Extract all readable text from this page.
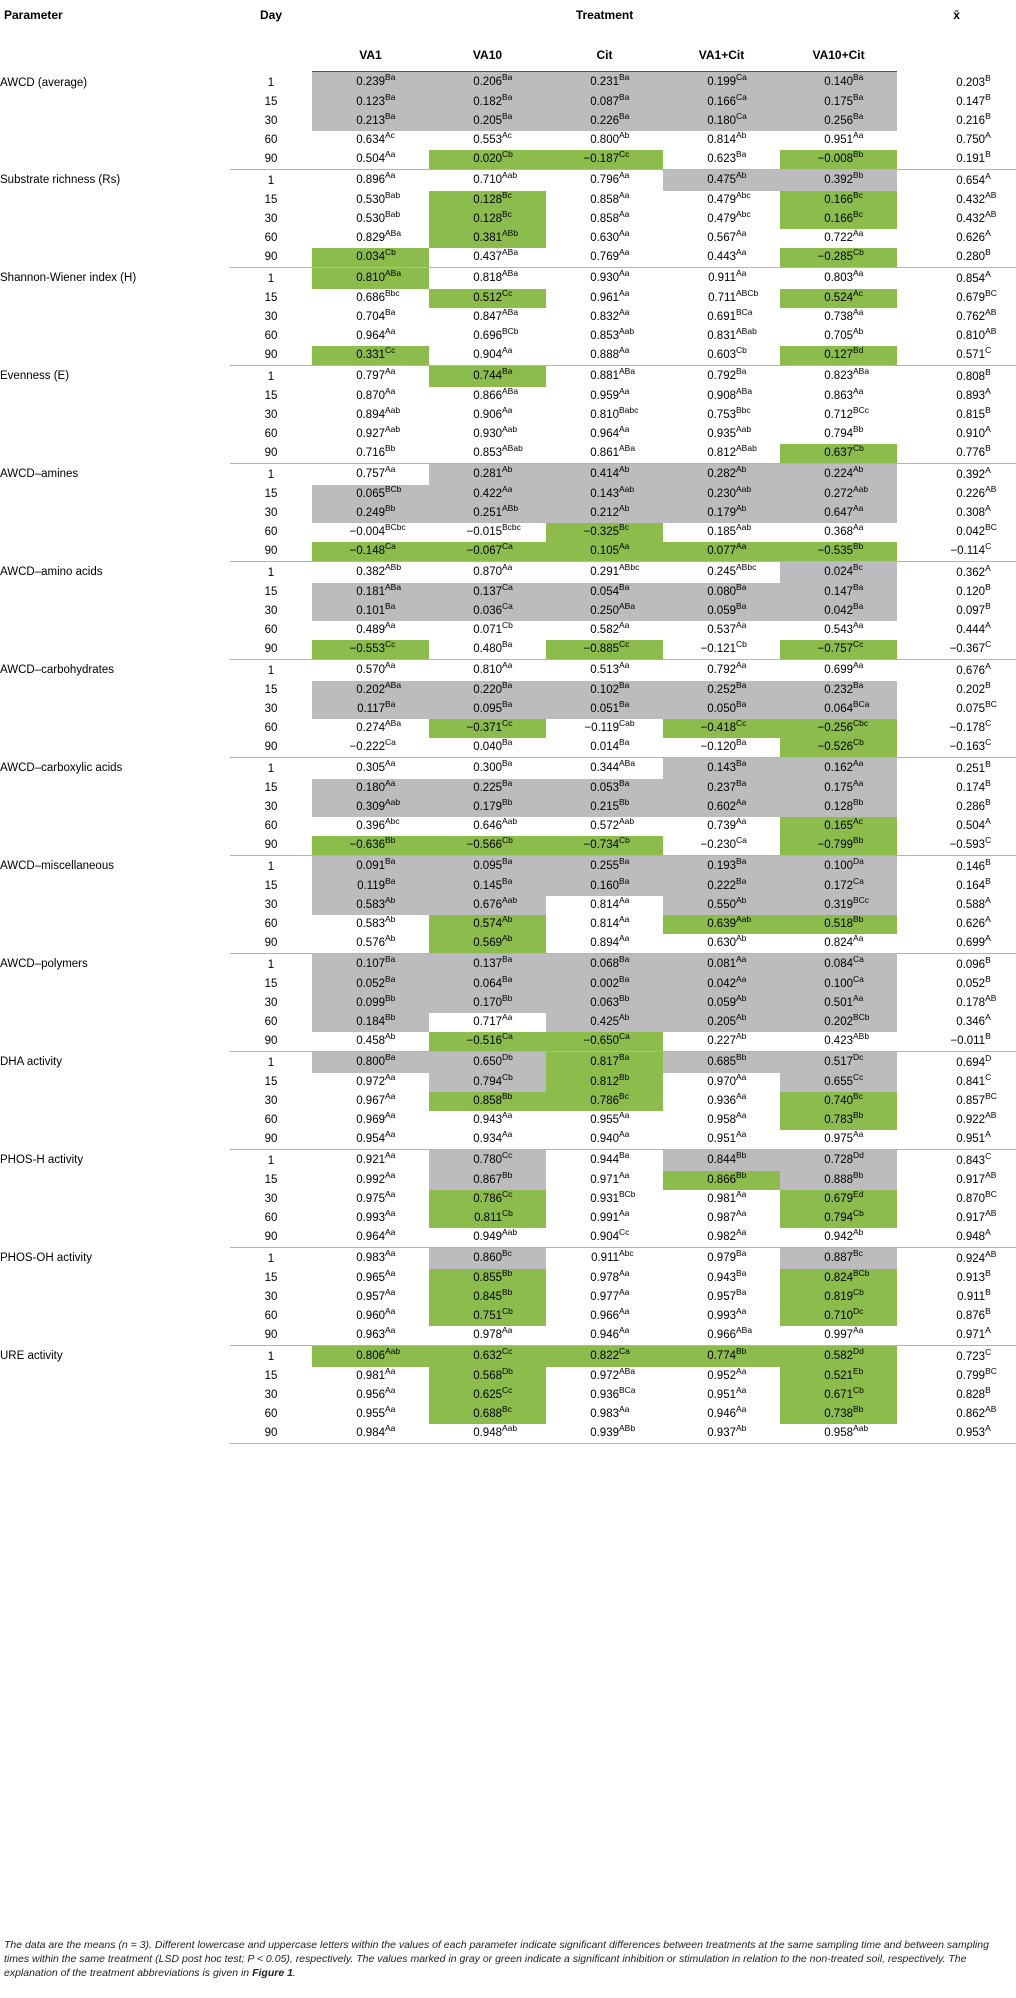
Parameter	Day	Treatment					x̄
		VA1	VA10	Cit	VA1+Cit	VA10+Cit	
AWCD (average)	1	$0.239^{Ba}$	$0.206^{Ba}$	$0.231^{Ba}$	$0.199^{Ca}$	$0.140^{Ba}$	$0.203^B$
	15	$0.123^{Ba}$	$0.182^{Ba}$	$0.087^{Ba}$	$0.166^{Ca}$	$0.175^{Ba}$	$0.147^B$
	30	$0.213^{Ba}$	$0.205^{Ba}$	$0.226^{Ba}$	$0.180^{Ca}$	$0.256^{Ba}$	$0.216^B$
	60	$0.634^{Ac}$	$0.553^{Ac}$	$0.800^{Ab}$	$0.814^{Ab}$	$0.951^{Aa}$	$0.750^A$
	90	$0.504^{Aa}$	$0.020^{Cb}$	$-0.187^{Cc}$	$0.623^{Ba}$	$-0.008^{Bb}$	$0.191^B$
Substrate richness (Rs)	1	$0.896^{Aa}$	$0.710^{Aab}$	$0.796^{Aa}$	$0.475^{Ab}$	$0.392^{Bb}$	$0.654^A$
	15	$0.530^{Bab}$	$0.128^{Bc}$	$0.858^{Aa}$	$0.479^{Abc}$	$0.166^{Bc}$	$0.432^{AB}$
	30	$0.530^{Bab}$	$0.128^{Bc}$	$0.858^{Aa}$	$0.479^{Abc}$	$0.166^{Bc}$	$0.432^{AB}$
	60	$0.829^{ABa}$	$0.381^{ABb}$	$0.630^{Aa}$	$0.567^{Aa}$	$0.722^{Aa}$	$0.626^A$
	90	$0.034^{Cb}$	$0.437^{ABa}$	$0.769^{Aa}$	$0.443^{Aa}$	$-0.285^{Cb}$	$0.280^B$
Shannon-Wiener index (H)	1	$0.810^{ABa}$	$0.818^{ABa}$	$0.930^{Aa}$	$0.911^{Aa}$	$0.803^{Aa}$	$0.854^A$
	15	$0.686^{Bbc}$	$0.512^{Cc}$	$0.961^{Aa}$	$0.711^{ABCb}$	$0.524^{Ac}$	$0.679^{BC}$
	30	$0.704^{Ba}$	$0.847^{ABa}$	$0.832^{Aa}$	$0.691^{BCa}$	$0.738^{Aa}$	$0.762^{AB}$
	60	$0.964^{Aa}$	$0.696^{BCb}$	$0.853^{Aab}$	$0.831^{ABab}$	$0.705^{Ab}$	$0.810^{AB}$
	90	$0.331^{Cc}$	$0.904^{Aa}$	$0.888^{Aa}$	$0.603^{Cb}$	$0.127^{Bd}$	$0.571^C$
Evenness (E)	1	$0.797^{Aa}$	$0.744^{Ba}$	$0.881^{ABa}$	$0.792^{Ba}$	$0.823^{ABa}$	$0.808^B$
	15	$0.870^{Aa}$	$0.866^{ABa}$	$0.959^{Aa}$	$0.908^{ABa}$	$0.863^{Aa}$	$0.893^A$
	30	$0.894^{Aab}$	$0.906^{Aa}$	$0.810^{Babc}$	$0.753^{Bbc}$	$0.712^{BCc}$	$0.815^B$
	60	$0.927^{Aab}$	$0.930^{Aab}$	$0.964^{Aa}$	$0.935^{Aab}$	$0.794^{Bb}$	$0.910^A$
	90	$0.716^{Bb}$	$0.853^{ABab}$	$0.861^{ABa}$	$0.812^{ABab}$	$0.637^{Cb}$	$0.776^B$
AWCD–amines	1	$0.757^{Aa}$	$0.281^{Ab}$	$0.414^{Ab}$	$0.282^{Ab}$	$0.224^{Ab}$	$0.392^A$
	15	$0.065^{BCb}$	$0.422^{Aa}$	$0.143^{Aab}$	$0.230^{Aab}$	$0.272^{Aab}$	$0.226^{AB}$
	30	$0.249^{Bb}$	$0.251^{ABb}$	$0.212^{Ab}$	$0.179^{Ab}$	$0.647^{Aa}$	$0.308^A$
	60	$-0.004^{BCbc}$	$-0.015^{Bcbc}$	$-0.325^{Bc}$	$0.185^{Aab}$	$0.368^{Aa}$	$0.042^{BC}$
	90	$-0.148^{Ca}$	$-0.067^{Ca}$	$0.105^{Aa}$	$0.077^{Aa}$	$-0.535^{Bb}$	$-0.114^C$
AWCD–amino acids	1	$0.382^{ABb}$	$0.870^{Aa}$	$0.291^{ABbc}$	$0.245^{ABbc}$	$0.024^{Bc}$	$0.362^A$
	15	$0.181^{ABa}$	$0.137^{Ca}$	$0.054^{Ba}$	$0.080^{Ba}$	$0.147^{Ba}$	$0.120^B$
	30	$0.101^{Ba}$	$0.036^{Ca}$	$0.250^{ABa}$	$0.059^{Ba}$	$0.042^{Ba}$	$0.097^B$
	60	$0.489^{Aa}$	$0.071^{Cb}$	$0.582^{Aa}$	$0.537^{Aa}$	$0.543^{Aa}$	$0.444^A$
	90	$-0.553^{Cc}$	$0.480^{Ba}$	$-0.885^{Cc}$	$-0.121^{Cb}$	$-0.757^{Cc}$	$-0.367^C$
AWCD–carbohydrates	1	$0.570^{Aa}$	$0.810^{Aa}$	$0.513^{Aa}$	$0.792^{Aa}$	$0.699^{Aa}$	$0.676^A$
	15	$0.202^{ABa}$	$0.220^{Ba}$	$0.102^{Ba}$	$0.252^{Ba}$	$0.232^{Ba}$	$0.202^B$
	30	$0.117^{Ba}$	$0.095^{Ba}$	$0.051^{Ba}$	$0.050^{Ba}$	$0.064^{BCa}$	$0.075^{BC}$
	60	$0.274^{ABa}$	$-0.371^{Cc}$	$-0.119^{Cab}$	$-0.418^{Cc}$	$-0.256^{Cbc}$	$-0.178^C$
	90	$-0.222^{Ca}$	$0.040^{Ba}$	$0.014^{Ba}$	$-0.120^{Ba}$	$-0.526^{Cb}$	$-0.163^C$
AWCD–carboxylic acids	1	$0.305^{Aa}$	$0.300^{Ba}$	$0.344^{ABa}$	$0.143^{Ba}$	$0.162^{Aa}$	$0.251^B$
	15	$0.180^{Aa}$	$0.225^{Ba}$	$0.053^{Ba}$	$0.237^{Ba}$	$0.175^{Aa}$	$0.174^B$
	30	$0.309^{Aab}$	$0.179^{Bb}$	$0.215^{Bb}$	$0.602^{Aa}$	$0.128^{Bb}$	$0.286^B$
	60	$0.396^{Abc}$	$0.646^{Aab}$	$0.572^{Aab}$	$0.739^{Aa}$	$0.165^{Ac}$	$0.504^A$
	90	$-0.636^{Bb}$	$-0.566^{Cb}$	$-0.734^{Cb}$	$-0.230^{Ca}$	$-0.799^{Bb}$	$-0.593^C$
AWCD–miscellaneous	1	$0.091^{Ba}$	$0.095^{Ba}$	$0.255^{Ba}$	$0.193^{Ba}$	$0.100^{Da}$	$0.146^B$
	15	$0.119^{Ba}$	$0.145^{Ba}$	$0.160^{Ba}$	$0.222^{Ba}$	$0.172^{Ca}$	$0.164^B$
	30	$0.583^{Ab}$	$0.676^{Aab}$	$0.814^{Aa}$	$0.550^{Ab}$	$0.319^{BCc}$	$0.588^A$
	60	$0.583^{Ab}$	$0.574^{Ab}$	$0.814^{Aa}$	$0.639^{Aab}$	$0.518^{Bb}$	$0.626^A$
	90	$0.576^{Ab}$	$0.569^{Ab}$	$0.894^{Aa}$	$0.630^{Ab}$	$0.824^{Aa}$	$0.699^A$
AWCD–polymers	1	$0.107^{Ba}$	$0.137^{Ba}$	$0.068^{Ba}$	$0.081^{Aa}$	$0.084^{Ca}$	$0.096^B$
	15	$0.052^{Ba}$	$0.064^{Ba}$	$0.002^{Ba}$	$0.042^{Aa}$	$0.100^{Ca}$	$0.052^B$
	30	$0.099^{Bb}$	$0.170^{Bb}$	$0.063^{Bb}$	$0.059^{Ab}$	$0.501^{Aa}$	$0.178^{AB}$
	60	$0.184^{Bb}$	$0.717^{Aa}$	$0.425^{Ab}$	$0.205^{Ab}$	$0.202^{BCb}$	$0.346^A$
	90	$0.458^{Ab}$	$-0.516^{Ca}$	$-0.650^{Ca}$	$0.227^{Ab}$	$0.423^{ABb}$	$-0.011^B$
DHA activity	1	$0.800^{Ba}$	$0.650^{Db}$	$0.817^{Ba}$	$0.685^{Bb}$	$0.517^{Dc}$	$0.694^D$
	15	$0.972^{Aa}$	$0.794^{Cb}$	$0.812^{Bb}$	$0.970^{Aa}$	$0.655^{Cc}$	$0.841^C$
	30	$0.967^{Aa}$	$0.858^{Bb}$	$0.786^{Bc}$	$0.936^{Aa}$	$0.740^{Bc}$	$0.857^{BC}$
	60	$0.969^{Aa}$	$0.943^{Aa}$	$0.955^{Aa}$	$0.958^{Aa}$	$0.783^{Bb}$	$0.922^{AB}$
	90	$0.954^{Aa}$	$0.934^{Aa}$	$0.940^{Aa}$	$0.951^{Aa}$	$0.975^{Aa}$	$0.951^A$
PHOS-H activity	1	$0.921^{Aa}$	$0.780^{Cc}$	$0.944^{Ba}$	$0.844^{Bb}$	$0.728^{Dd}$	$0.843^C$
	15	$0.992^{Aa}$	$0.867^{Bb}$	$0.971^{Aa}$	$0.866^{Bb}$	$0.888^{Bb}$	$0.917^{AB}$
	30	$0.975^{Aa}$	$0.786^{Cc}$	$0.931^{BCb}$	$0.981^{Aa}$	$0.679^{Ed}$	$0.870^{BC}$
	60	$0.993^{Aa}$	$0.811^{Cb}$	$0.991^{Aa}$	$0.987^{Aa}$	$0.794^{Cb}$	$0.917^{AB}$
	90	$0.964^{Aa}$	$0.949^{Aab}$	$0.904^{Cc}$	$0.982^{Aa}$	$0.942^{Ab}$	$0.948^A$
PHOS-OH activity	1	$0.983^{Aa}$	$0.860^{Bc}$	$0.911^{Abc}$	$0.979^{Ba}$	$0.887^{Bc}$	$0.924^{AB}$
	15	$0.965^{Aa}$	$0.855^{Bb}$	$0.978^{Aa}$	$0.943^{Ba}$	$0.824^{BCb}$	$0.913^B$
	30	$0.957^{Aa}$	$0.845^{Bb}$	$0.977^{Aa}$	$0.957^{Ba}$	$0.819^{Cb}$	$0.911^B$
	60	$0.960^{Aa}$	$0.751^{Cb}$	$0.966^{Aa}$	$0.993^{Aa}$	$0.710^{Dc}$	$0.876^B$
	90	$0.963^{Aa}$	$0.978^{Aa}$	$0.946^{Aa}$	$0.966^{ABa}$	$0.997^{Aa}$	$0.971^A$
URE activity	1	$0.806^{Aab}$	$0.632^{Cc}$	$0.822^{Ca}$	$0.774^{Bb}$	$0.582^{Dd}$	$0.723^C$
	15	$0.981^{Aa}$	$0.568^{Db}$	$0.972^{ABa}$	$0.952^{Aa}$	$0.521^{Eb}$	$0.799^{BC}$
	30	$0.956^{Aa}$	$0.625^{Cc}$	$0.936^{BCa}$	$0.951^{Aa}$	$0.671^{Cb}$	$0.828^B$
	60	$0.955^{Aa}$	$0.688^{Bc}$	$0.983^{Aa}$	$0.946^{Aa}$	$0.738^{Bb}$	$0.862^{AB}$
	90	$0.984^{Aa}$	$0.948^{Aab}$	$0.939^{ABb}$	$0.937^{Ab}$	$0.958^{Aab}$	$0.953^A$
The data are the means (n = 3). Different lowercase and uppercase letters within the values of each parameter indicate significant differences between treatments at the same sampling time and between sampling times within the same treatment (LSD post hoc test; P < 0.05), respectively. The values marked in gray or green indicate a significant inhibition or stimulation in relation to the non-treated soil, respectively. The explanation of the treatment abbreviations is given in Figure 1.
